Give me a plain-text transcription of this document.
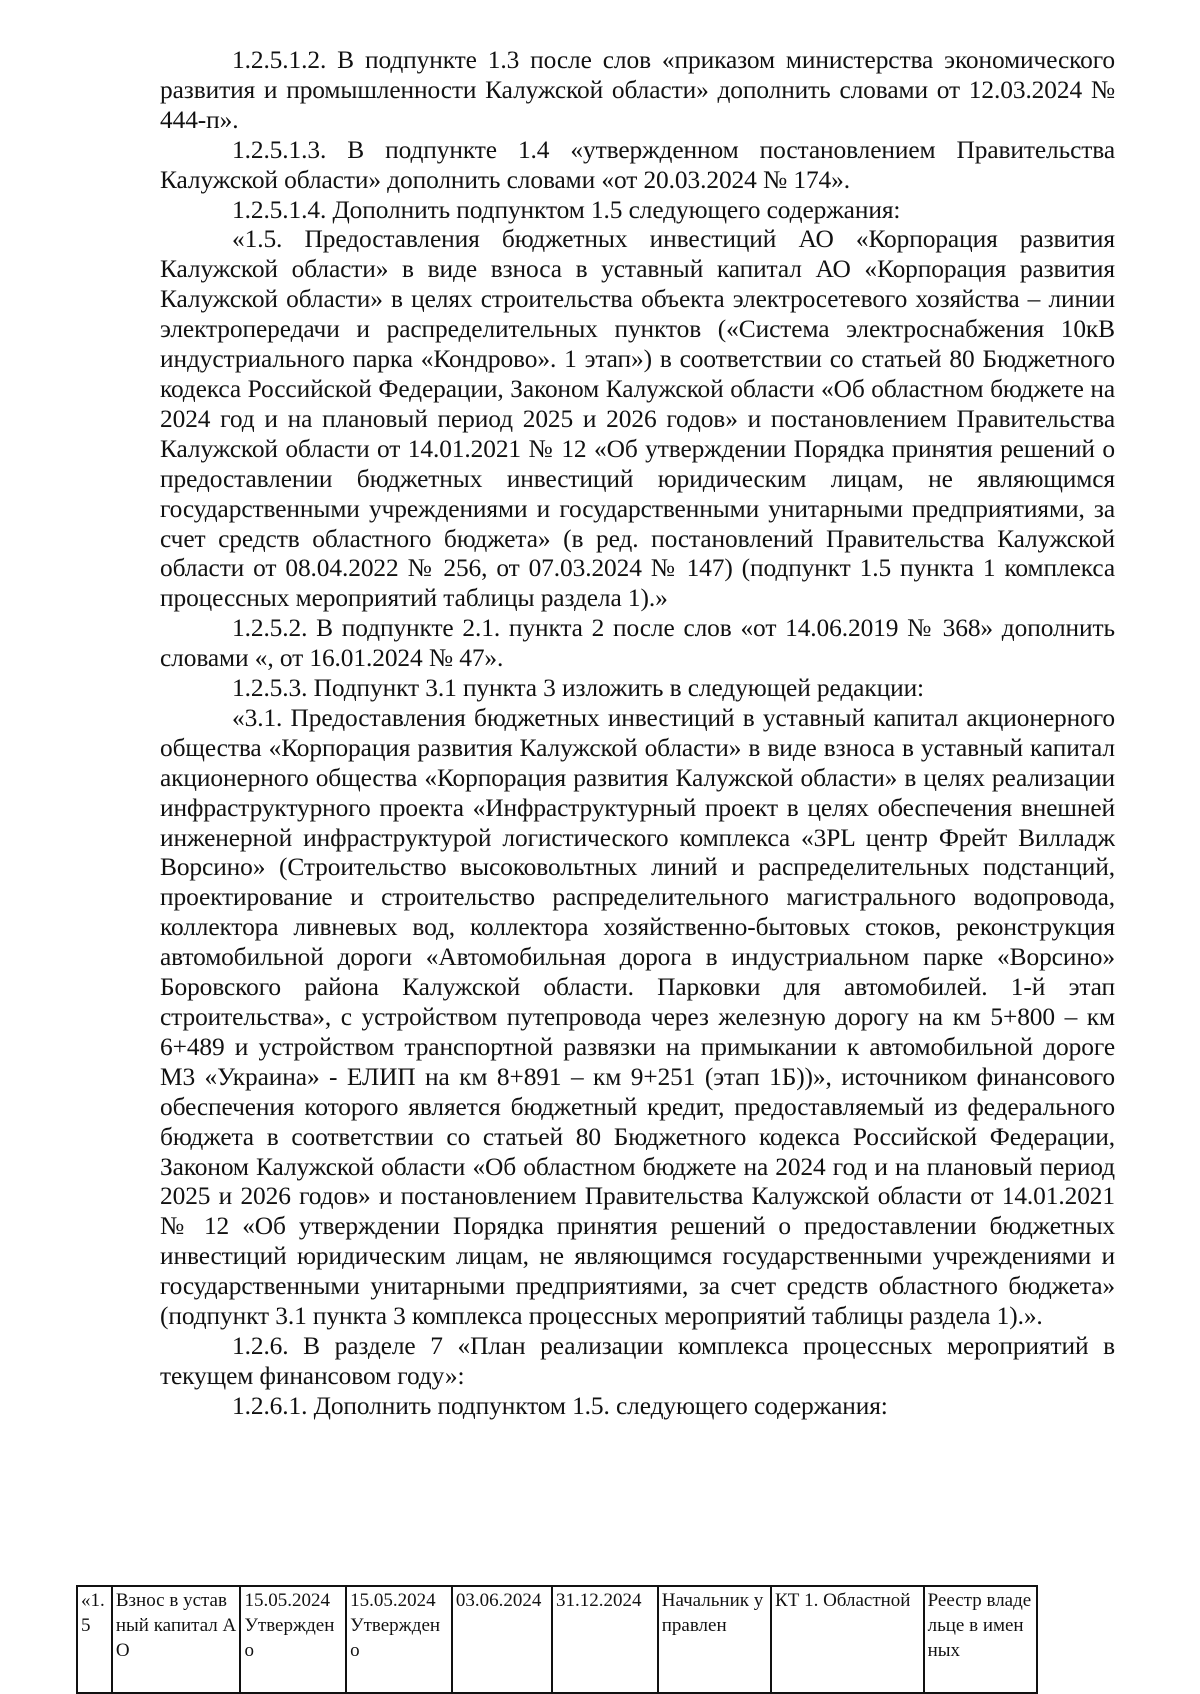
1.2.5.1.2. В подпункте 1.3 после слов «приказом министерства экономического развития и промышленности Калужской области» дополнить словами от 12.03.2024 № 444-п».

1.2.5.1.3. В подпункте 1.4 «утвержденном постановлением Правительства Калужской области» дополнить словами «от 20.03.2024 № 174».

1.2.5.1.4. Дополнить подпунктом 1.5 следующего содержания:

«1.5. Предоставления бюджетных инвестиций АО «Корпорация развития Калужской области» в виде взноса в уставный капитал АО «Корпорация развития Калужской области» в целях строительства объекта электросетевого хозяйства – линии электропередачи и распределительных пунктов («Система электроснабжения 10кВ индустриального парка «Кондрово». 1 этап») в соответствии со статьей 80 Бюджетного кодекса Российской Федерации, Законом Калужской области «Об областном бюджете на 2024 год и на плановый период 2025 и 2026 годов» и постановлением Правительства Калужской области от 14.01.2021 № 12 «Об утверждении Порядка принятия решений о предоставлении бюджетных инвестиций юридическим лицам, не являющимся государственными учреждениями и государственными унитарными предприятиями, за счет средств областного бюджета» (в ред. постановлений Правительства Калужской области от 08.04.2022 № 256, от 07.03.2024 № 147) (подпункт 1.5 пункта 1 комплекса процессных мероприятий таблицы раздела 1).»

1.2.5.2. В подпункте 2.1. пункта 2 после слов «от 14.06.2019 № 368» дополнить словами «, от 16.01.2024 № 47».

1.2.5.3. Подпункт 3.1 пункта 3 изложить в следующей редакции:

«3.1. Предоставления бюджетных инвестиций в уставный капитал акционерного общества «Корпорация развития Калужской области» в виде взноса в уставный капитал акционерного общества «Корпорация развития Калужской области» в целях реализации инфраструктурного проекта «Инфраструктурный проект в целях обеспечения внешней инженерной инфраструктурой логистического комплекса «3PL центр Фрейт Вилладж Ворсино» (Строительство высоковольтных линий и распределительных подстанций, проектирование и строительство распределительного магистрального водопровода, коллектора ливневых вод, коллектора хозяйственно-бытовых стоков, реконструкция автомобильной дороги «Автомобильная дорога в индустриальном парке «Ворсино» Боровского района Калужской области. Парковки для автомобилей. 1-й этап строительства», с устройством путепровода через железную дорогу на км 5+800 – км 6+489 и устройством транспортной развязки на примыкании к автомобильной дороге М3 «Украина» - ЕЛИП на км 8+891 – км 9+251 (этап 1Б))», источником финансового обеспечения которого является бюджетный кредит, предоставляемый из федерального бюджета в соответствии со статьей 80 Бюджетного кодекса Российской Федерации, Законом Калужской области «Об областном бюджете на 2024 год и на плановый период 2025 и 2026 годов» и постановлением Правительства Калужской области от 14.01.2021 № 12 «Об утверждении Порядка принятия решений о предоставлении бюджетных инвестиций юридическим лицам, не являющимся государственными учреждениями и государственными унитарными предприятиями, за счет средств областного бюджета» (подпункт 3.1 пункта 3 комплекса процессных мероприятий таблицы раздела 1).».

1.2.6. В разделе 7 «План реализации комплекса процессных мероприятий в текущем финансовом году»:

1.2.6.1. Дополнить подпунктом 1.5. следующего содержания:

«1.5	Взнос в уставный капитал АО	15.05.2024 Утверждено	15.05.2024 Утверждено	03.06.2024	31.12.2024	Начальник управлен	КТ 1. Областной	Реестр владельце в именных
